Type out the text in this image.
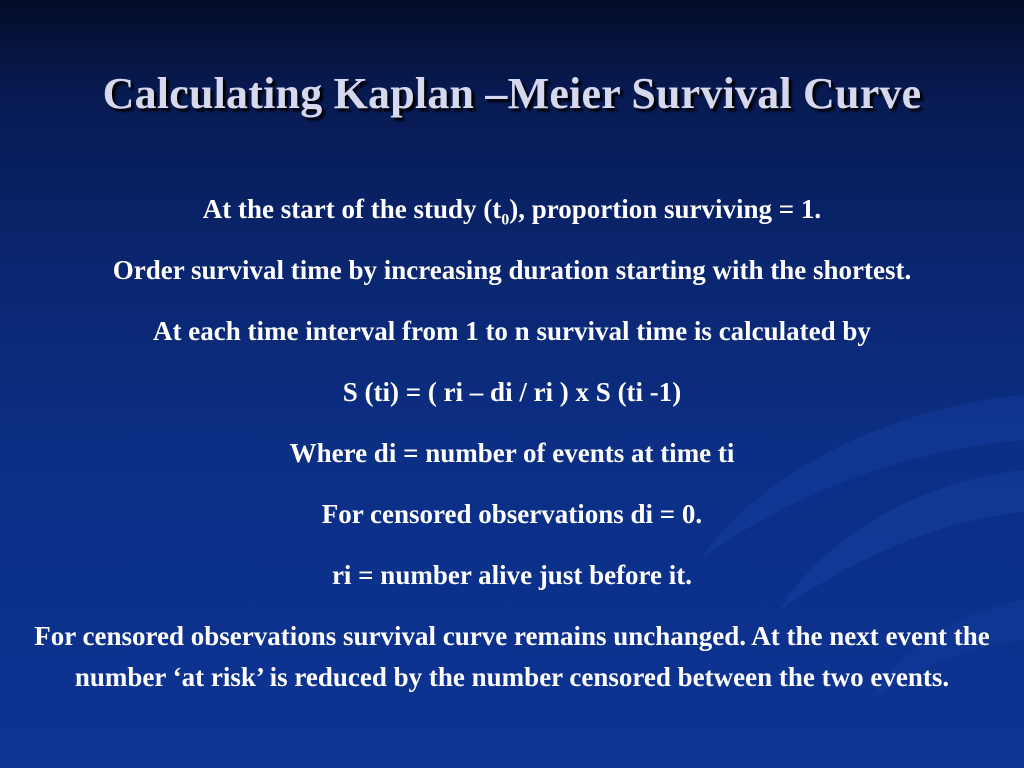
Calculating Kaplan –Meier Survival Curve

At the start of the study $(t_0)$, proportion surviving = 1.

Order survival time by increasing duration starting with the shortest.

At each time interval from 1 to n survival time is calculated by

S (ti) = ( ri – di / ri ) x S (ti -1)

Where di = number of events at time ti

For censored observations di = 0.

ri = number alive just before it.

For censored observations survival curve remains unchanged. At the next event the number ‘at risk’ is reduced by the number censored between the two events.
